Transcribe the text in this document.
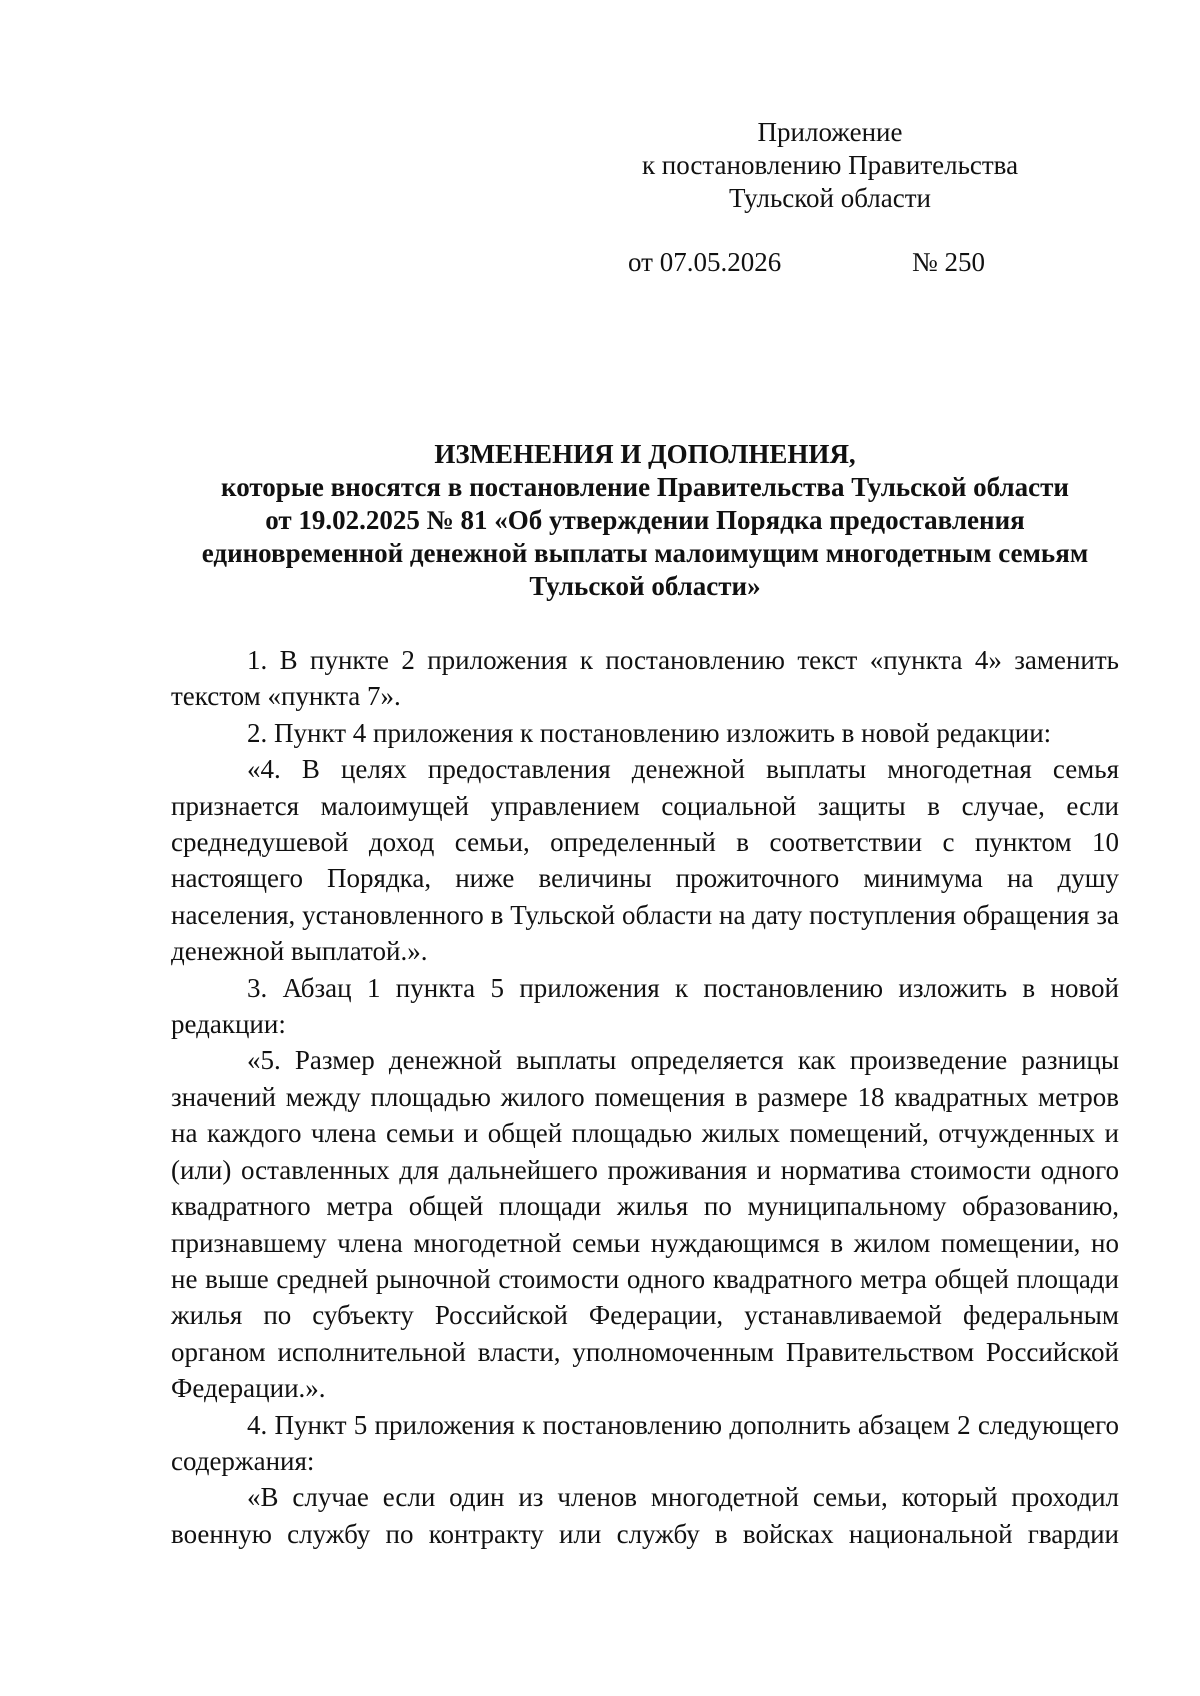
Приложение
к постановлению Правительства
Тульской области
от 07.05.2026	№ 250
ИЗМЕНЕНИЯ И ДОПОЛНЕНИЯ,
которые вносятся в постановление Правительства Тульской области
от 19.02.2025 № 81 «Об утверждении Порядка предоставления
единовременной денежной выплаты малоимущим многодетным семьям
Тульской области»

1. В пункте 2 приложения к постановлению текст «пункта 4» заменить текстом «пункта 7».

2. Пункт 4 приложения к постановлению изложить в новой редакции:

«4. В целях предоставления денежной выплаты многодетная семья признается малоимущей управлением социальной защиты в случае, если среднедушевой доход семьи, определенный в соответствии с пунктом 10 настоящего Порядка, ниже величины прожиточного минимума на душу населения, установленного в Тульской области на дату поступления обращения за денежной выплатой.».

3. Абзац 1 пункта 5 приложения к постановлению изложить в новой редакции:

«5. Размер денежной выплаты определяется как произведение разницы значений между площадью жилого помещения в размере 18 квадратных метров на каждого члена семьи и общей площадью жилых помещений, отчужденных и (или) оставленных для дальнейшего проживания и норматива стоимости одного квадратного метра общей площади жилья по муниципальному образованию, признавшему члена многодетной семьи нуждающимся в жилом помещении, но не выше средней рыночной стоимости одного квадратного метра общей площади жилья по субъекту Российской Федерации, устанавливаемой федеральным органом исполнительной власти, уполномоченным Правительством Российской Федерации.».

4. Пункт 5 приложения к постановлению дополнить абзацем 2 следующего содержания:

«В случае если один из членов многодетной семьи, который проходил военную службу по контракту или службу в войсках национальной гвардии
